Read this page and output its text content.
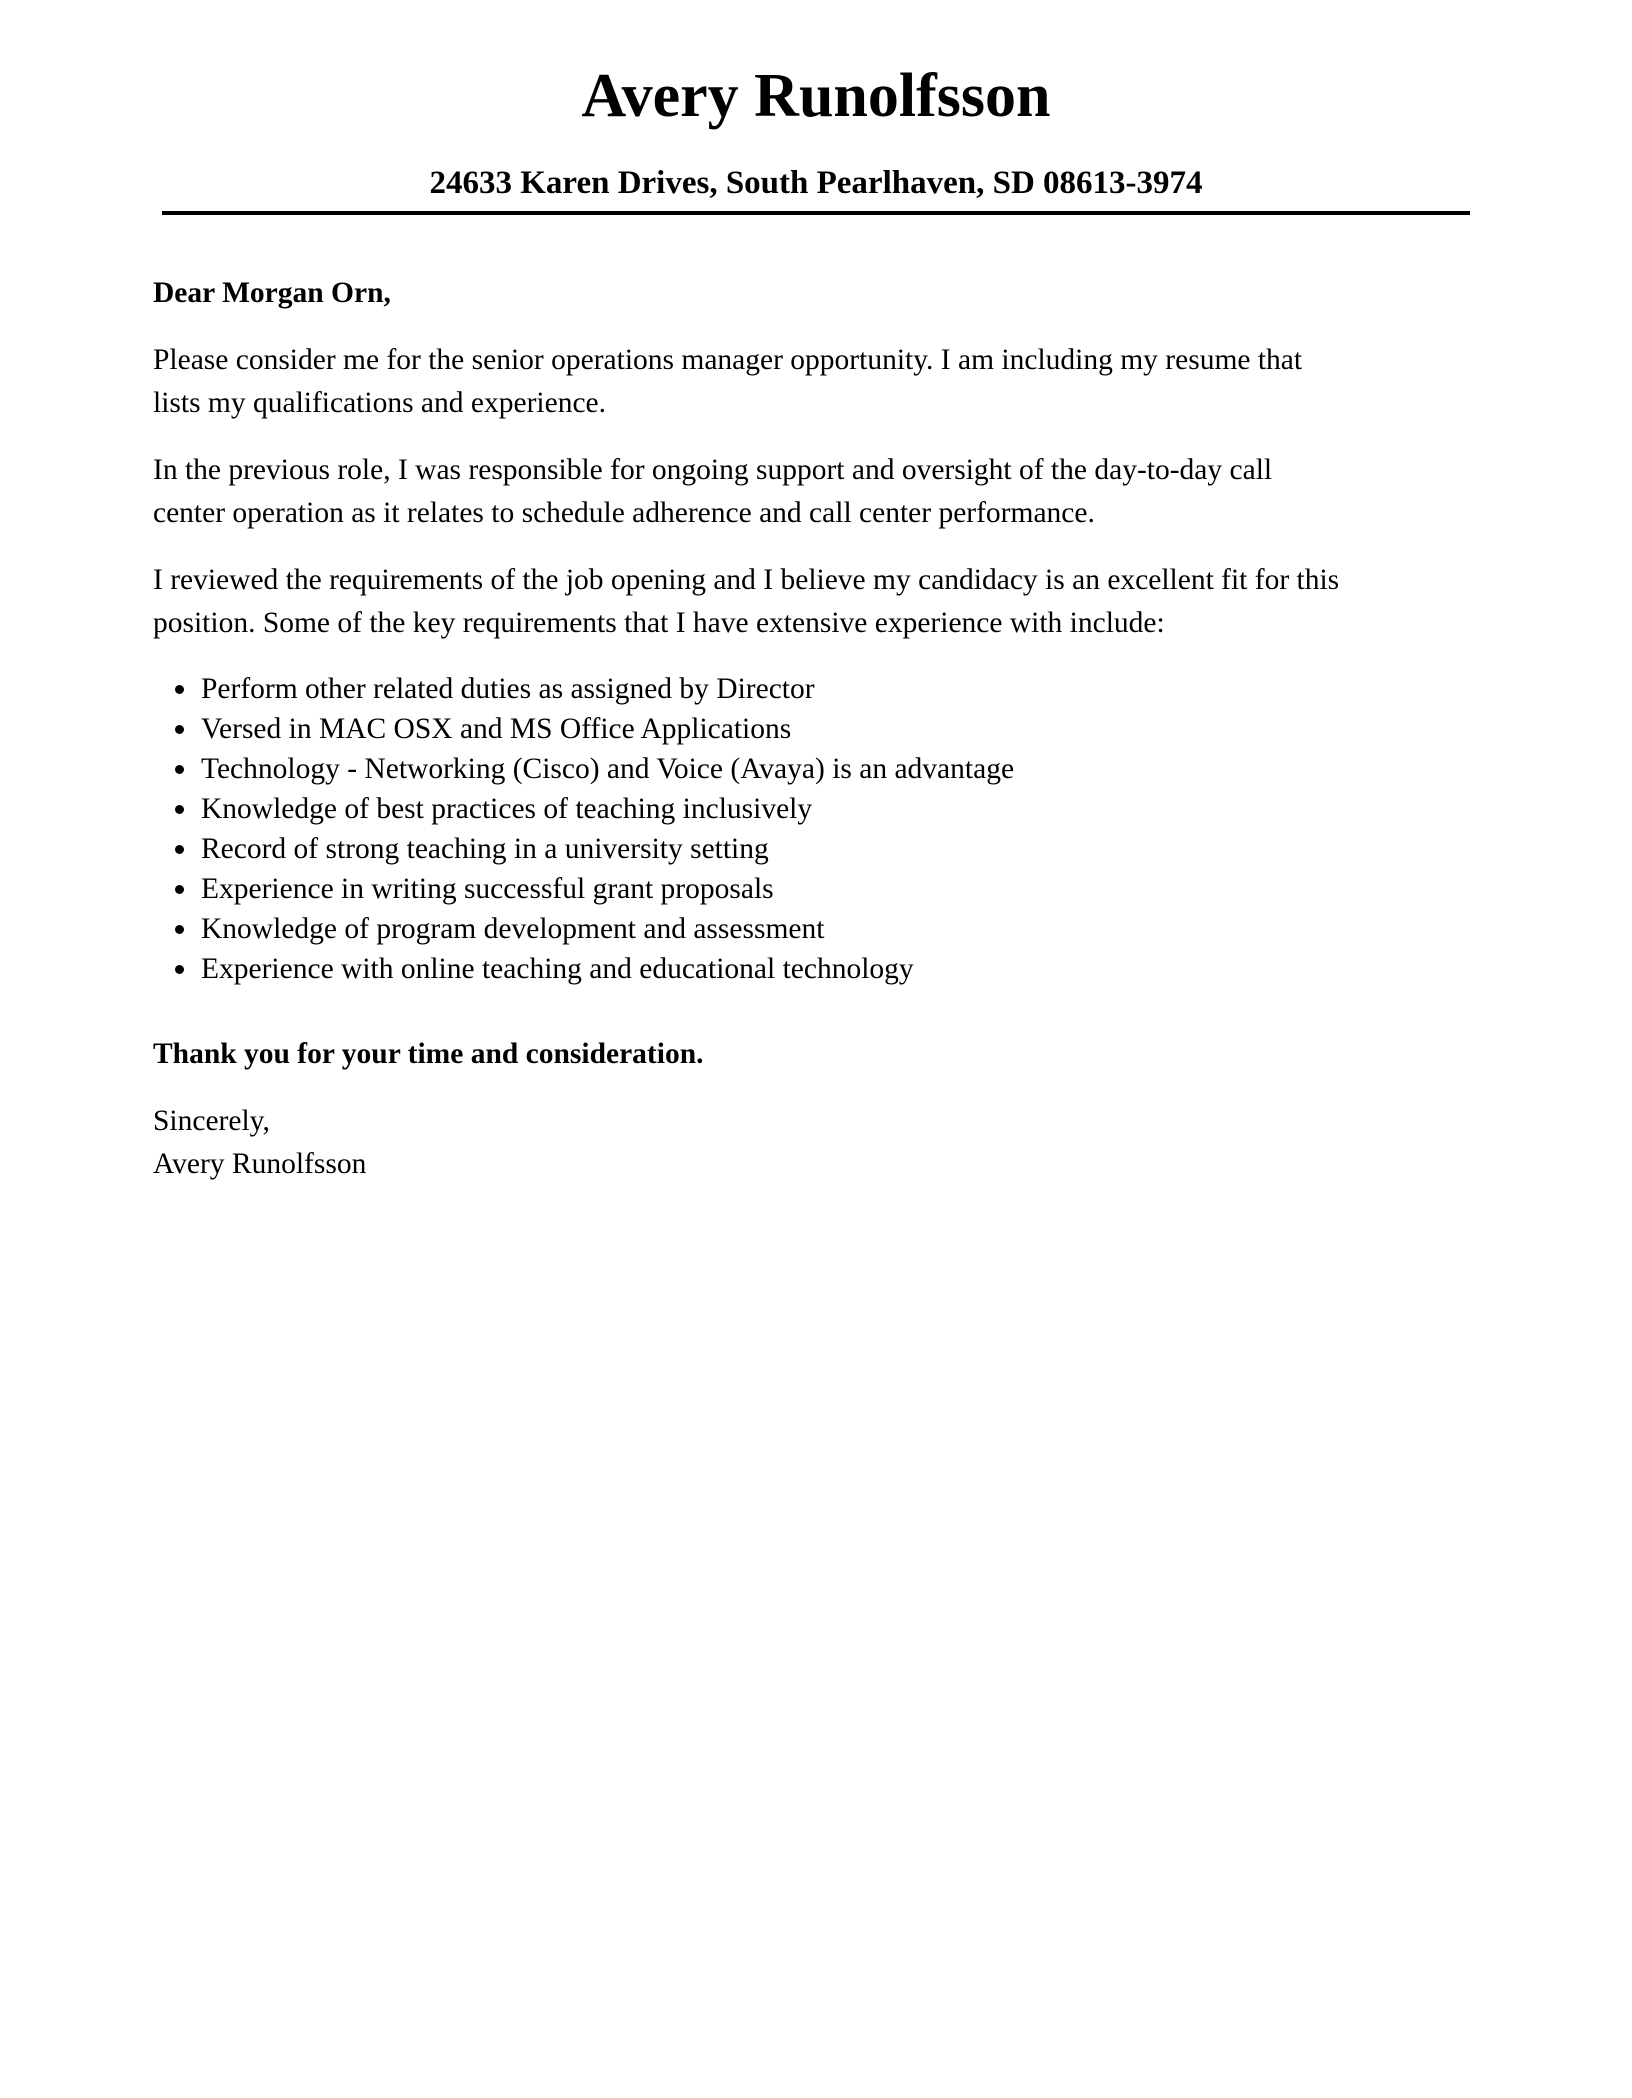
Avery Runolfsson
24633 Karen Drives, South Pearlhaven, SD 08613-3974

Dear Morgan Orn,

Please consider me for the senior operations manager opportunity. I am including my resume that
lists my qualifications and experience.

In the previous role, I was responsible for ongoing support and oversight of the day-to-day call
center operation as it relates to schedule adherence and call center performance.

I reviewed the requirements of the job opening and I believe my candidacy is an excellent fit for this
position. Some of the key requirements that I have extensive experience with include:

Perform other related duties as assigned by Director
Versed in MAC OSX and MS Office Applications
Technology - Networking (Cisco) and Voice (Avaya) is an advantage
Knowledge of best practices of teaching inclusively
Record of strong teaching in a university setting
Experience in writing successful grant proposals
Knowledge of program development and assessment
Experience with online teaching and educational technology

Thank you for your time and consideration.

Sincerely,
Avery Runolfsson
